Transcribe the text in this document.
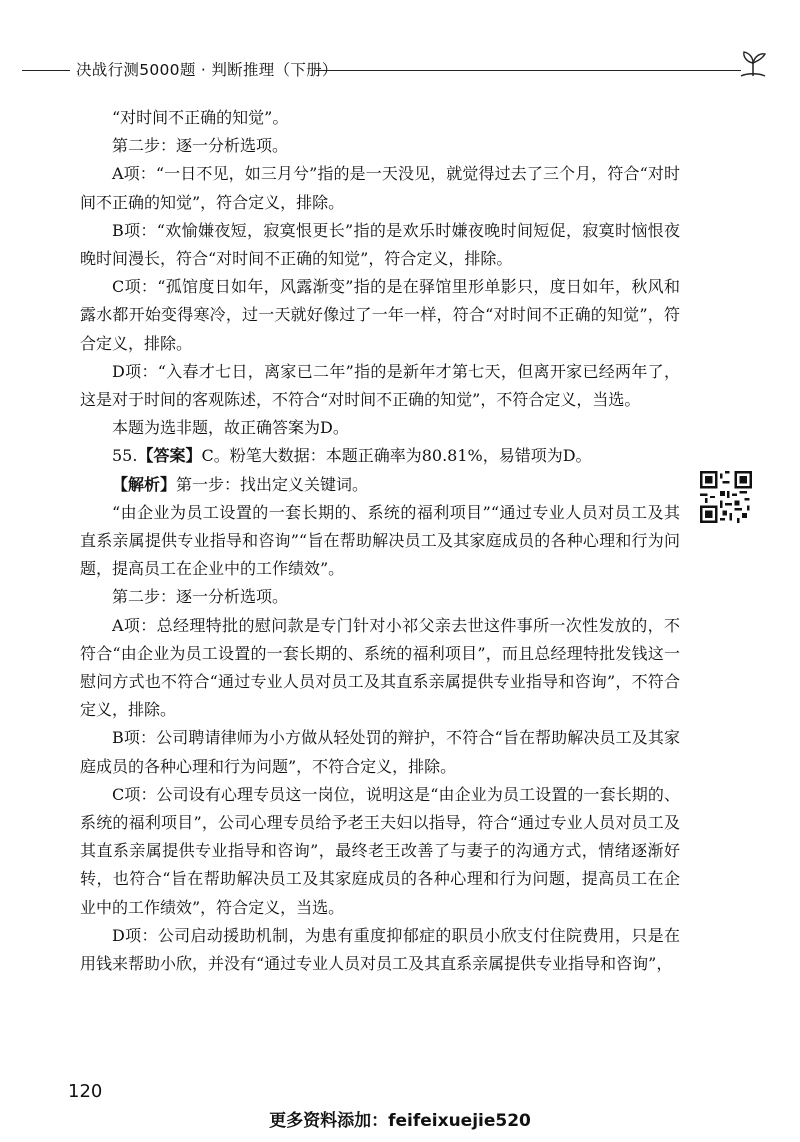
决战行测5000题 · 判断推理（下册）

“对时间不正确的知觉”。

第二步：逐一分析选项。

A项：“一日不见，如三月兮”指的是一天没见，就觉得过去了三个月，符合“对时间不正确的知觉”，符合定义，排除。

B项：“欢愉嫌夜短，寂寞恨更长”指的是欢乐时嫌夜晚时间短促，寂寞时恼恨夜晚时间漫长，符合“对时间不正确的知觉”，符合定义，排除。

C项：“孤馆度日如年，风露渐变”指的是在驿馆里形单影只，度日如年，秋风和露水都开始变得寒冷，过一天就好像过了一年一样，符合“对时间不正确的知觉”，符合定义，排除。

D项：“入春才七日，离家已二年”指的是新年才第七天，但离开家已经两年了，这是对于时间的客观陈述，不符合“对时间不正确的知觉”，不符合定义，当选。

本题为选非题，故正确答案为D。

55.【答案】C。粉笔大数据：本题正确率为80.81%，易错项为D。

【解析】第一步：找出定义关键词。

“由企业为员工设置的一套长期的、系统的福利项目”“通过专业人员对员工及其直系亲属提供专业指导和咨询”“旨在帮助解决员工及其家庭成员的各种心理和行为问题，提高员工在企业中的工作绩效”。

第二步：逐一分析选项。

A项：总经理特批的慰问款是专门针对小祁父亲去世这件事所一次性发放的，不符合“由企业为员工设置的一套长期的、系统的福利项目”，而且总经理特批发钱这一慰问方式也不符合“通过专业人员对员工及其直系亲属提供专业指导和咨询”，不符合定义，排除。

B项：公司聘请律师为小方做从轻处罚的辩护，不符合“旨在帮助解决员工及其家庭成员的各种心理和行为问题”，不符合定义，排除。

C项：公司设有心理专员这一岗位，说明这是“由企业为员工设置的一套长期的、系统的福利项目”，公司心理专员给予老王夫妇以指导，符合“通过专业人员对员工及其直系亲属提供专业指导和咨询”，最终老王改善了与妻子的沟通方式，情绪逐渐好转，也符合“旨在帮助解决员工及其家庭成员的各种心理和行为问题，提高员工在企业中的工作绩效”，符合定义，当选。

D项：公司启动援助机制，为患有重度抑郁症的职员小欣支付住院费用，只是在用钱来帮助小欣，并没有“通过专业人员对员工及其直系亲属提供专业指导和咨询”，

120
更多资料添加：feifeixuejie520
